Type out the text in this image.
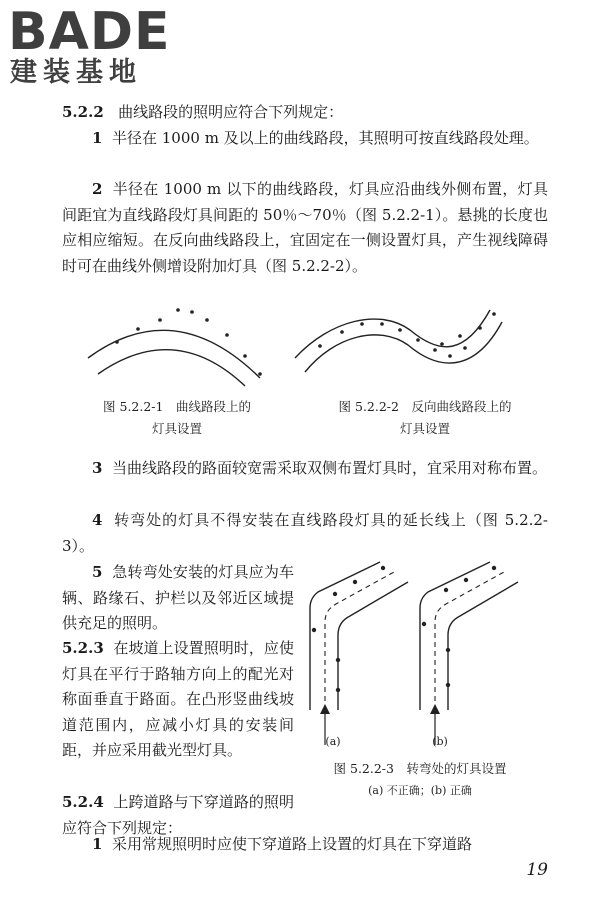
BADE
建装基地
5.2.2 曲线路段的照明应符合下列规定：
1 半径在 1000 m 及以上的曲线路段，其照明可按直线路段处理。
2 半径在 1000 m 以下的曲线路段，灯具应沿曲线外侧布置，灯具间距宜为直线路段灯具间距的 50％～70％（图 5.2.2-1）。悬挑的长度也应相应缩短。在反向曲线路段上，宜固定在一侧设置灯具，产生视线障碍时可在曲线外侧增设附加灯具（图 5.2.2-2）。
图 5.2.2-1　曲线路段上的
灯具设置
图 5.2.2-2　反向曲线路段上的
灯具设置
3 当曲线路段的路面较宽需采取双侧布置灯具时，宜采用对称布置。
4 转弯处的灯具不得安装在直线路段灯具的延长线上（图 5.2.2-3）。
5 急转弯处安装的灯具应为车辆、路缘石、护栏以及邻近区域提供充足的照明。
5.2.3 在坡道上设置照明时，应使灯具在平行于路轴方向上的配光对称面垂直于路面。在凸形竖曲线坡道范围内，应减小灯具的安装间距，并应采用截光型灯具。	(a)	(b)
图 5.2.2-3　转弯处的灯具设置
(a) 不正确；(b) 正确
5.2.4 上跨道路与下穿道路的照明应符合下列规定：
1 采用常规照明时应使下穿道路上设置的灯具在下穿道路
19
